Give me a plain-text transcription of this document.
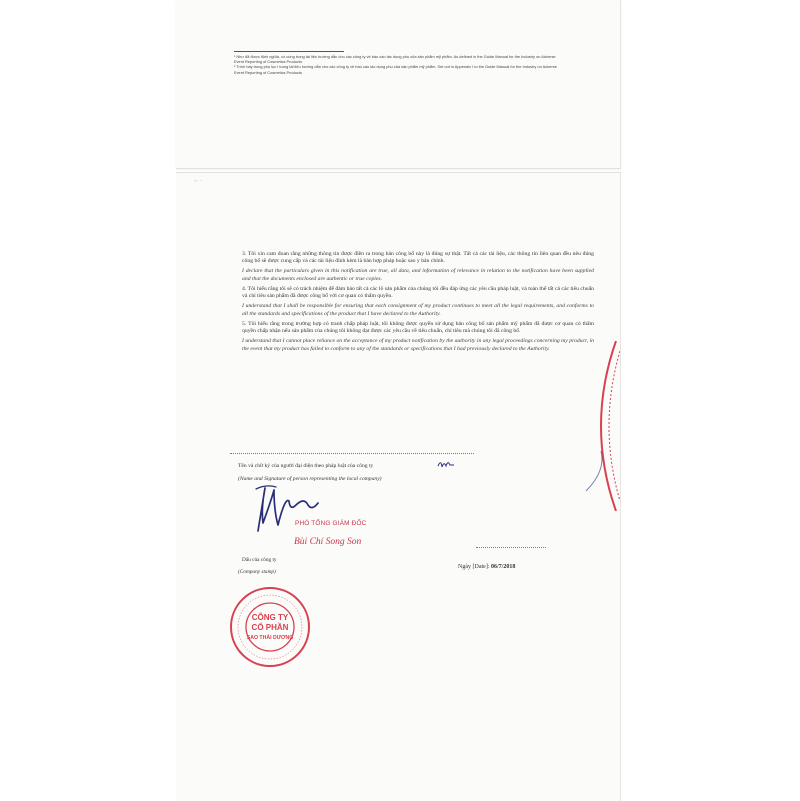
¹ Như đã được định nghĩa, có cùng trong tài liệu hướng dẫn cho các công ty về báo cáo tác dụng phụ của sản phẩm mỹ phẩm. As defined in the Guide Manual for the Industry on Adverse Event Reporting of Cosmetics Products

² Trình bày trong phụ lục I trong tài liệu hướng dẫn cho các công ty về báo cáo tác dụng phụ của sản phẩm mỹ phẩm. Set out in Appendix I to the Guide Manual for the Industry on Adverse Event Reporting of Cosmetics Products

⌐ ·

3. Tôi xin cam đoan rằng những thông tin được điền ra trong bản công bố này là đúng sự thật. Tất cả các tài liệu, các thông tin liên quan đều nêu đúng công bố sẽ được cung cấp và các tài liệu đính kèm là bản hợp pháp hoặc sao y bản chính.

I declare that the particulars given in this notification are true, all data, and information of relevance in relation to the notification have been supplied and that the documents enclosed are authentic or true copies.

4. Tôi hiểu rằng tôi sẽ có trách nhiệm để đảm bảo tất cả các lô sản phẩm của chúng tôi đều đáp ứng các yêu cầu pháp luật, và toàn thể tất cả các tiêu chuẩn và chỉ tiêu sản phẩm đã được công bố với cơ quan có thẩm quyền.

I understand that I shall be responsible for ensuring that each consignment of my product continues to meet all the legal requirements, and conforms to all the standards and specifications of the product that I have declared to the Authority.

5. Tôi hiểu rằng trong trường hợp có tranh chấp pháp luật, tôi không được quyền sử dụng bản công bố sản phẩm mỹ phẩm đã được cơ quan có thẩm quyền chấp nhận nếu sản phẩm của chúng tôi không đạt được các yêu cầu về tiêu chuẩn, chỉ tiêu mà chúng tôi đã công bố.

I understand that I cannot place reliance on the acceptance of my product notification by the authority in any legal proceedings concerning my product, in the event that my product has failed to conform to any of the standards or specifications that I had previously declared to the Authority.

Tên và chữ ký của người đại diện theo pháp luật của công ty
(Name and Signature of person representing the local company)
PHÓ TỔNG GIÁM ĐỐC
Bùi Chí Song Son
Dấu của công ty
(Company stamp)
Ngày [Date]: 06/7/2018
CÔNG TY
CỔ PHẦN
SAO THÁI DƯƠNG
